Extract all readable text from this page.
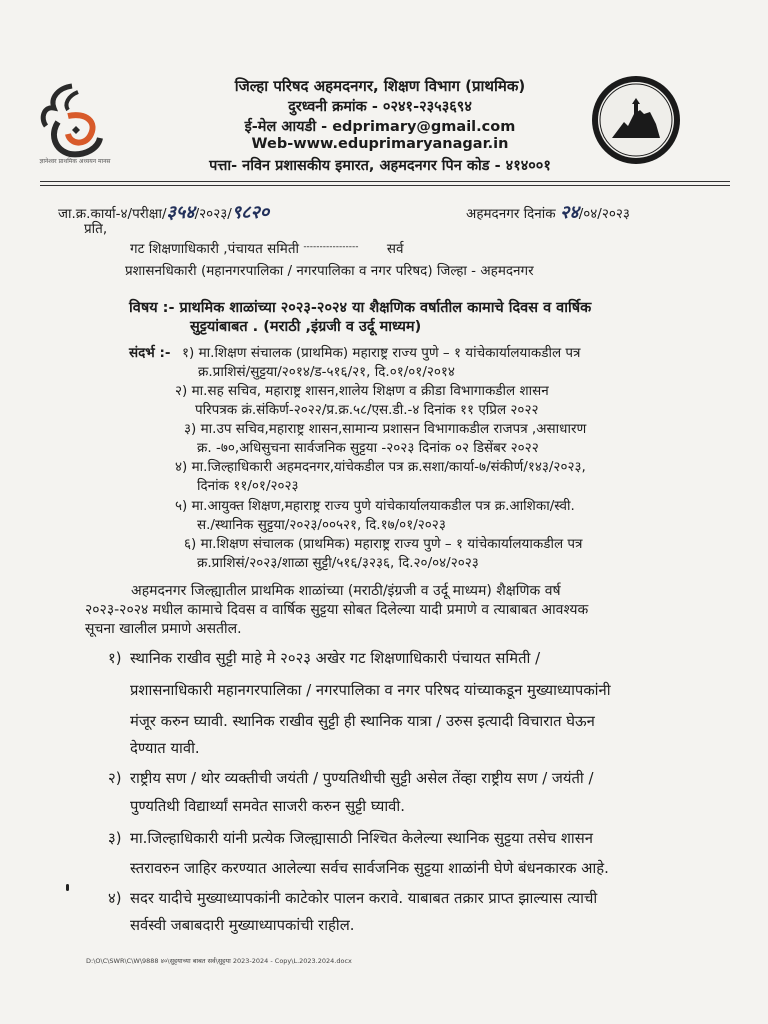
ज्ञानेश्वर प्राथमिक अध्ययन मानस
जिल्हा परिषद अहमदनगर, शिक्षण विभाग (प्राथमिक)
दुरध्वनी क्रमांक - ०२४१-२३५३६९४
ई-मेल आयडी - edprimary@gmail.com
Web-www.eduprimaryanagar.in
पत्ता- नविन प्रशासकीय इमारत, अहमदनगर पिन कोड - ४१४००१
जा.क्र.कार्या-४/परीक्षा/३५४/२०२३/९८२०	अहमदनगर दिनांक २४/०४/२०२३
प्रति,
गट शिक्षणाधिकारी ,पंचायत समिती ----------------- सर्व
प्रशासनधिकारी (महानगरपालिका / नगरपालिका व नगर परिषद) जिल्हा - अहमदनगर
विषय :- प्राथमिक शाळांच्या २०२३-२०२४ या शैक्षणिक वर्षातील कामाचे दिवस व वार्षिक
सुट्टयांबाबत . (मराठी ,इंग्रजी व उर्दू माध्यम)
संदर्भ :- १) मा.शिक्षण संचालक (प्राथमिक) महाराष्ट्र राज्य पुणे – १ यांचेकार्यालयाकडील पत्र
क्र.प्राशिसं/सुट्टया/२०१४/ड-५१६/२१, दि.०१/०१/२०१४
२) मा.सह सचिव, महाराष्ट्र शासन,शालेय शिक्षण व क्रीडा विभागाकडील शासन
परिपत्रक क्रं.संकिर्ण-२०२२/प्र.क्र.५८/एस.डी.-४ दिनांक ११ एप्रिल २०२२
३) मा.उप सचिव,महाराष्ट्र शासन,सामान्य प्रशासन विभागाकडील राजपत्र ,असाधारण
क्र. -७०,अधिसुचना सार्वजनिक सुट्टया -२०२३ दिनांक ०२ डिसेंबर २०२२
४) मा.जिल्हाधिकारी अहमदनगर,यांचेकडील पत्र क्र.सशा/कार्या-७/संकीर्ण/१४३/२०२३,
दिनांक ११/०१/२०२३
५) मा.आयुक्त शिक्षण,महाराष्ट्र राज्य पुणे यांचेकार्यालयाकडील पत्र क्र.आशिका/स्वी.
स./स्थानिक सुट्टया/२०२३/००५२१, दि.१७/०१/२०२३
६) मा.शिक्षण संचालक (प्राथमिक) महाराष्ट्र राज्य पुणे – १ यांचेकार्यालयाकडील पत्र
क्र.प्राशिसं/२०२३/शाळा सुट्टी/५१६/३२३६, दि.२०/०४/२०२३
अहमदनगर जिल्ह्यातील प्राथमिक शाळांच्या (मराठी/इंग्रजी व उर्दू माध्यम) शैक्षणिक वर्ष
२०२३-२०२४ मधील कामाचे दिवस व वार्षिक सुट्टया सोबत दिलेल्या यादी प्रमाणे व त्याबाबत आवश्यक
सूचना खालील प्रमाणे असतील.
१) स्थानिक राखीव सुट्टी माहे मे २०२३ अखेर गट शिक्षणाधिकारी पंचायत समिती /
प्रशासनाधिकारी महानगरपालिका / नगरपालिका व नगर परिषद यांच्याकडून मुख्याध्यापकांनी
मंजूर करुन घ्यावी. स्थानिक राखीव सुट्टी ही स्थानिक यात्रा / उरुस इत्यादी विचारात घेऊन
देण्यात यावी.
२) राष्ट्रीय सण / थोर व्यक्तीची जयंती / पुण्यतिथीची सुट्टी असेल तेंव्हा राष्ट्रीय सण / जयंती /
पुण्यतिथी विद्यार्थ्यां समवेत साजरी करुन सुट्टी घ्यावी.
३) मा.जिल्हाधिकारी यांनी प्रत्येक जिल्ह्यासाठी निश्चित केलेल्या स्थानिक सुट्टया तसेच शासन
स्तरावरुन जाहिर करण्यात आलेल्या सर्वच सार्वजनिक सुट्टया शाळांनी घेणे बंधनकारक आहे.
४) सदर यादीचे मुख्याध्यापकांनी काटेकोर पालन करावे. याबाबत तक्रार प्राप्त झाल्यास त्याची
सर्वस्वी जबाबदारी मुख्याध्यापकांची राहील.
D:\O\C\SWR\C\W\9888 ४०\सुट्टयाच्या बाबत सर्व\सुट्टया 2023-2024 - Copy\L.2023.2024.docx
